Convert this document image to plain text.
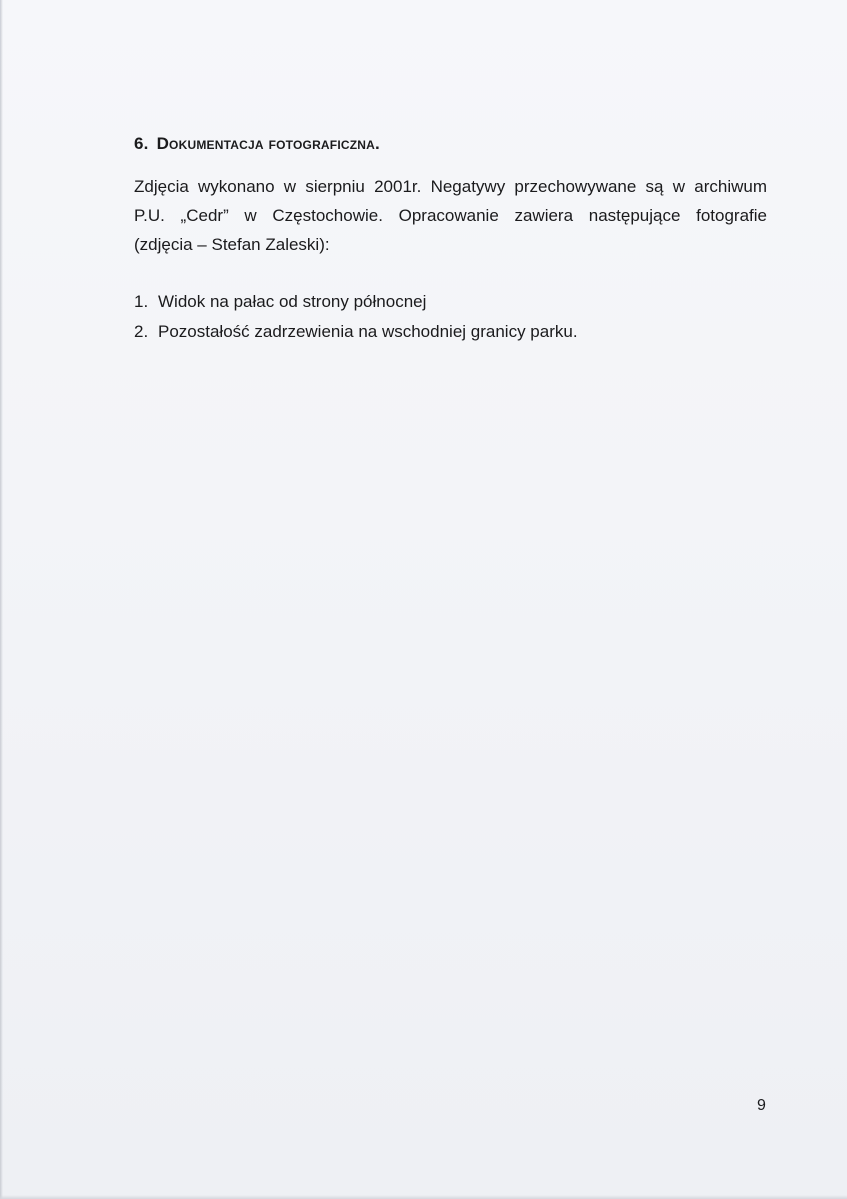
6. Dokumentacja fotograficzna.
Zdjęcia wykonano w sierpniu 2001r. Negatywy przechowywane są w archiwum
P.U. „Cedr” w Częstochowie. Opracowanie zawiera następujące fotografie
(zdjęcia – Stefan Zaleski):
1. Widok na pałac od strony północnej
2. Pozostałość zadrzewienia na wschodniej granicy parku.
9
